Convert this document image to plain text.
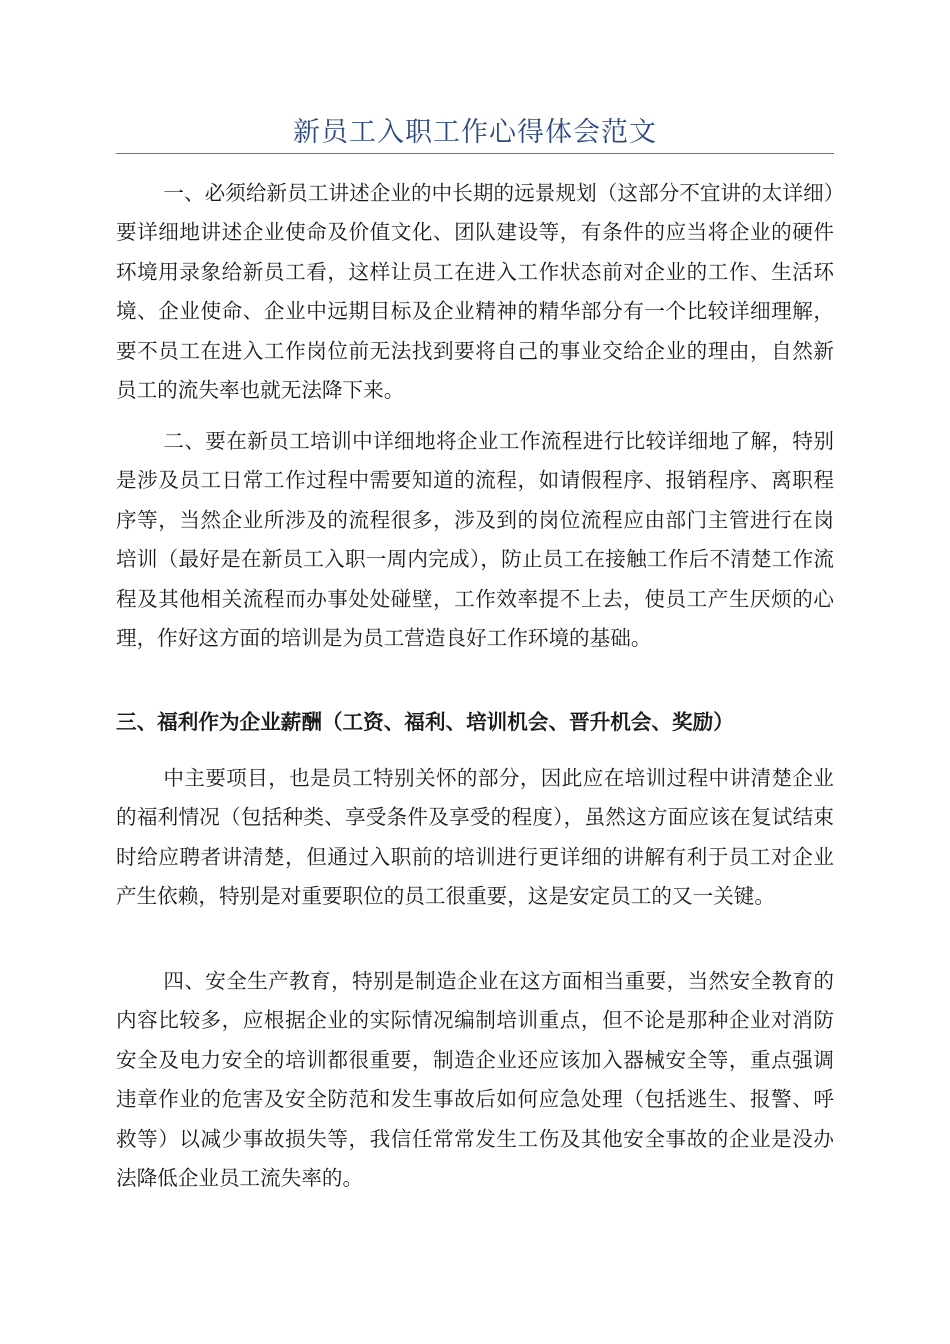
新员工入职工作心得体会范文

一、必须给新员工讲述企业的中长期的远景规划（这部分不宜讲的太详细）要详细地讲述企业使命及价值文化、团队建设等，有条件的应当将企业的硬件环境用录象给新员工看，这样让员工在进入工作状态前对企业的工作、生活环境、企业使命、企业中远期目标及企业精神的精华部分有一个比较详细理解，要不员工在进入工作岗位前无法找到要将自己的事业交给企业的理由，自然新员工的流失率也就无法降下来。

二、要在新员工培训中详细地将企业工作流程进行比较详细地了解，特别是涉及员工日常工作过程中需要知道的流程，如请假程序、报销程序、离职程序等，当然企业所涉及的流程很多，涉及到的岗位流程应由部门主管进行在岗培训（最好是在新员工入职一周内完成），防止员工在接触工作后不清楚工作流程及其他相关流程而办事处处碰壁，工作效率提不上去，使员工产生厌烦的心理，作好这方面的培训是为员工营造良好工作环境的基础。

三、福利作为企业薪酬（工资、福利、培训机会、晋升机会、奖励）

中主要项目，也是员工特别关怀的部分，因此应在培训过程中讲清楚企业的福利情况（包括种类、享受条件及享受的程度），虽然这方面应该在复试结束时给应聘者讲清楚，但通过入职前的培训进行更详细的讲解有利于员工对企业产生依赖，特别是对重要职位的员工很重要，这是安定员工的又一关键。

四、安全生产教育，特别是制造企业在这方面相当重要，当然安全教育的内容比较多，应根据企业的实际情况编制培训重点，但不论是那种企业对消防安全及电力安全的培训都很重要，制造企业还应该加入器械安全等，重点强调违章作业的危害及安全防范和发生事故后如何应急处理（包括逃生、报警、呼救等）以减少事故损失等，我信任常常发生工伤及其他安全事故的企业是没办法降低企业员工流失率的。
